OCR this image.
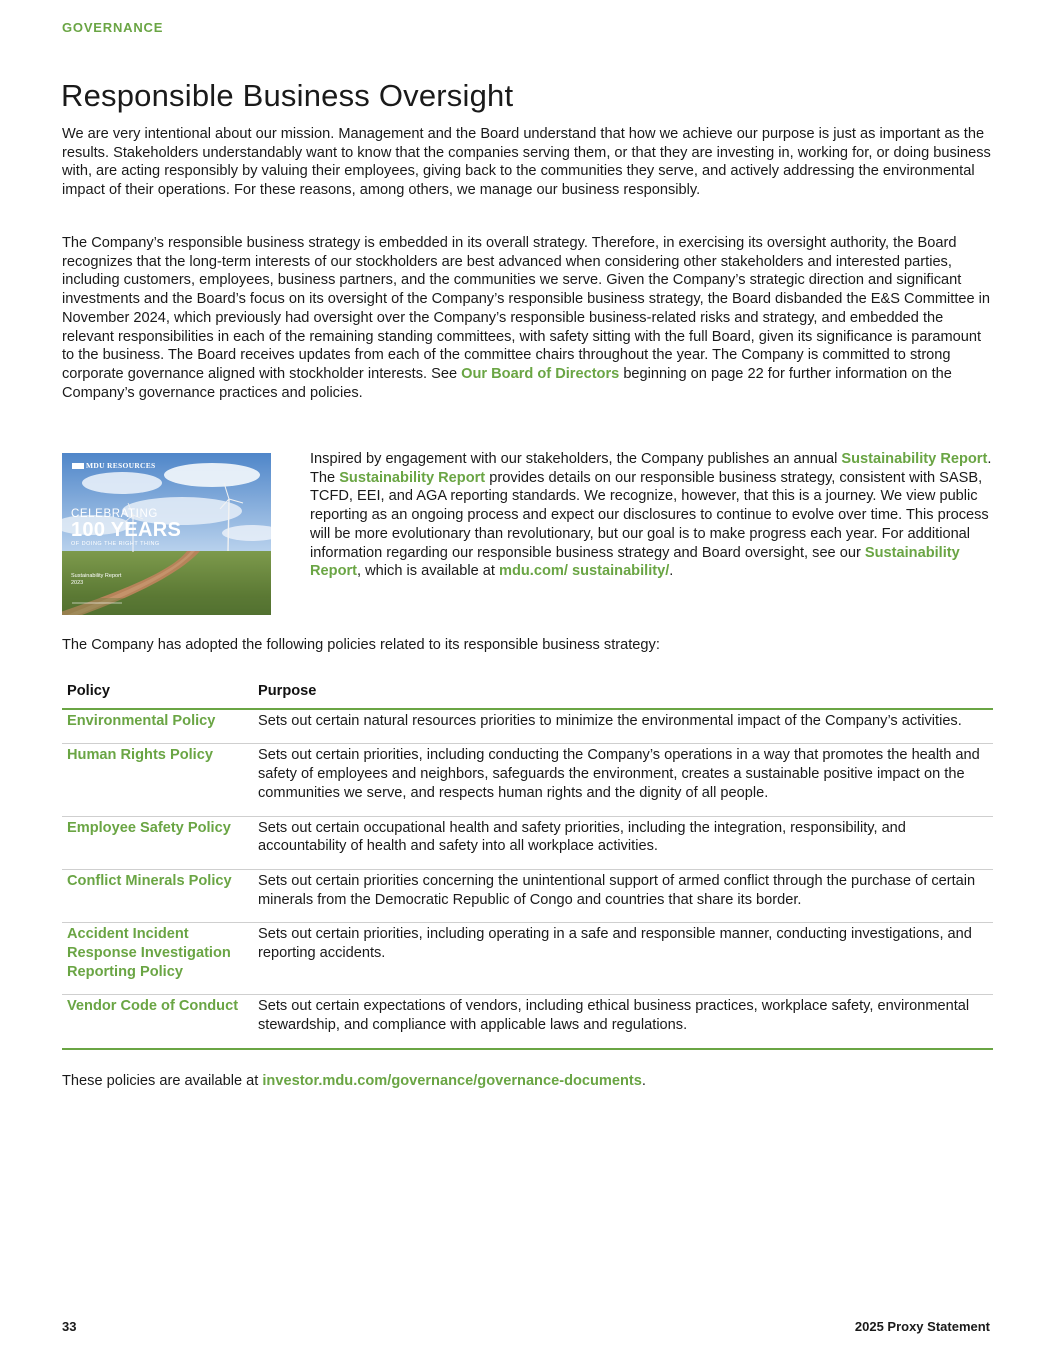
GOVERNANCE
Responsible Business Oversight

We are very intentional about our mission. Management and the Board understand that how we achieve our purpose is just as important as the results. Stakeholders understandably want to know that the companies serving them, or that they are investing in, working for, or doing business with, are acting responsibly by valuing their employees, giving back to the communities they serve, and actively addressing the environmental impact of their operations. For these reasons, among others, we manage our business responsibly.

The Company’s responsible business strategy is embedded in its overall strategy. Therefore, in exercising its oversight authority, the Board recognizes that the long-term interests of our stockholders are best advanced when considering other stakeholders and interested parties, including customers, employees, business partners, and the communities we serve. Given the Company’s strategic direction and significant investments and the Board’s focus on its oversight of the Company’s responsible business strategy, the Board disbanded the E&S Committee in November 2024, which previously had oversight over the Company’s responsible business-related risks and strategy, and embedded the relevant responsibilities in each of the remaining standing committees, with safety sitting with the full Board, given its significance is paramount to the business. The Board receives updates from each of the committee chairs throughout the year. The Company is committed to strong corporate governance aligned with stockholder interests. See Our Board of Directors beginning on page 22 for further information on the Company’s governance practices and policies.

MDU RESOURCES
CELEBRATING
100 YEARS
OF DOING THE RIGHT THING
Sustainability Report
2023

Inspired by engagement with our stakeholders, the Company publishes an annual Sustainability Report. The Sustainability Report provides details on our responsible business strategy, consistent with SASB, TCFD, EEI, and AGA reporting standards. We recognize, however, that this is a journey. We view public reporting as an ongoing process and expect our disclosures to continue to evolve over time. This process will be more evolutionary than revolutionary, but our goal is to make progress each year. For additional information regarding our responsible business strategy and Board oversight, see our Sustainability Report, which is available at mdu.com/ sustainability/.

The Company has adopted the following policies related to its responsible business strategy:

Policy	Purpose
Environmental Policy	Sets out certain natural resources priorities to minimize the environmental impact of the Company’s activities.
Human Rights Policy	Sets out certain priorities, including conducting the Company’s operations in a way that promotes the health and safety of employees and neighbors, safeguards the environment, creates a sustainable positive impact on the communities we serve, and respects human rights and the dignity of all people.
Employee Safety Policy	Sets out certain occupational health and safety priorities, including the integration, responsibility, and accountability of health and safety into all workplace activities.
Conflict Minerals Policy	Sets out certain priorities concerning the unintentional support of armed conflict through the purchase of certain minerals from the Democratic Republic of Congo and countries that share its border.
Accident Incident Response Investigation Reporting Policy	Sets out certain priorities, including operating in a safe and responsible manner, conducting investigations, and reporting accidents.
Vendor Code of Conduct	Sets out certain expectations of vendors, including ethical business practices, workplace safety, environmental stewardship, and compliance with applicable laws and regulations.

These policies are available at investor.mdu.com/governance/governance-documents.

33	2025 Proxy Statement
